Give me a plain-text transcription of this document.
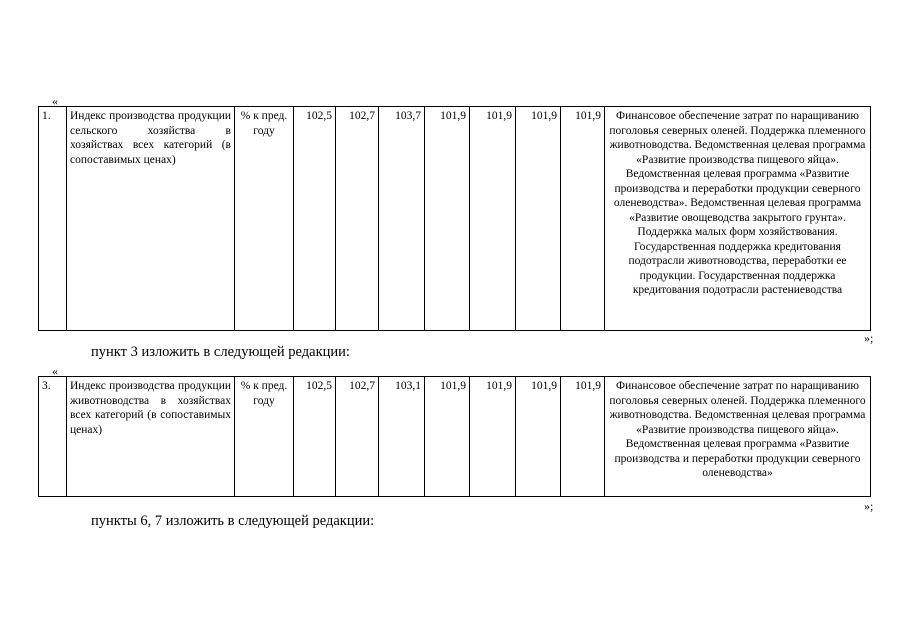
«
1.	Индекс производства продукции сельского хозяйства в хозяйствах всех категорий (в сопоставимых ценах)	% к пред. году	102,5	102,7	103,7	101,9	101,9	101,9	101,9	Финансовое обеспечение затрат по наращиванию поголовья северных оленей. Поддержка племенного животноводства. Ведомственная целевая программа «Развитие производства пищевого яйца». Ведомственная целевая программа «Развитие производства и переработки продукции северного оленеводства». Ведомственная целевая программа «Развитие овощеводства закрытого грунта». Поддержка малых форм хозяйствования. Государственная поддержка кредитования подотрасли животноводства, переработки ее продукции. Государственная поддержка кредитования подотрасли растениеводства
»;
пункт 3 изложить в следующей редакции:
«
3.	Индекс производства продукции животноводства в хозяйствах всех категорий (в сопоставимых ценах)	% к пред. году	102,5	102,7	103,1	101,9	101,9	101,9	101,9	Финансовое обеспечение затрат по наращиванию поголовья северных оленей. Поддержка племенного животноводства. Ведомственная целевая программа «Развитие производства пищевого яйца». Ведомственная целевая программа «Развитие производства и переработки продукции северного оленеводства»
»;
пункты 6, 7 изложить в следующей редакции:
